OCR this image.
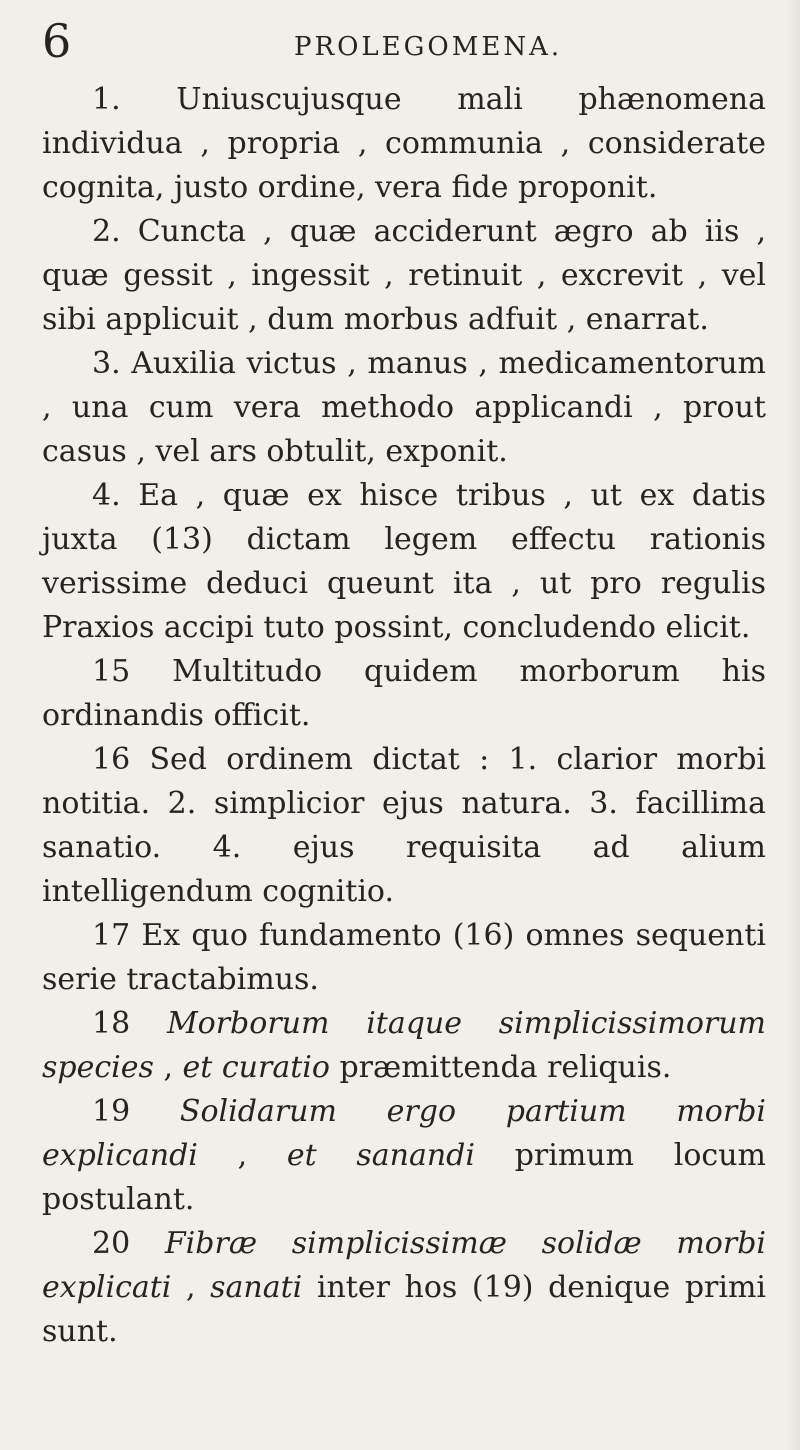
6	PROLEGOMENA.

1. Uniuscujusque mali phænomena individua , propria , communia , considerate cognita, justo ordine, vera fide proponit.

2. Cuncta , quæ acciderunt ægro ab iis , quæ gessit , ingessit , retinuit , excrevit , vel sibi applicuit , dum morbus adfuit , enarrat.

3. Auxilia victus , manus , medicamentorum , una cum vera methodo applicandi , prout casus , vel ars obtulit, exponit.

4. Ea , quæ ex hisce tribus , ut ex datis juxta (13) dictam legem effectu rationis verissime deduci queunt ita , ut pro regulis Praxios accipi tuto possint, concludendo elicit.

15 Multitudo quidem morborum his ordinandis officit.

16 Sed ordinem dictat : 1. clarior morbi notitia. 2. simplicior ejus natura. 3. facillima sanatio. 4. ejus requisita ad alium intelligendum cognitio.

17 Ex quo fundamento (16) omnes sequenti serie tractabimus.

18 Morborum itaque simplicissimorum species , et curatio præmittenda reliquis.

19 Solidarum ergo partium morbi explicandi , et sanandi primum locum postulant.

20 Fibræ simplicissimæ solidæ morbi explicati , sanati inter hos (19) denique primi sunt.
